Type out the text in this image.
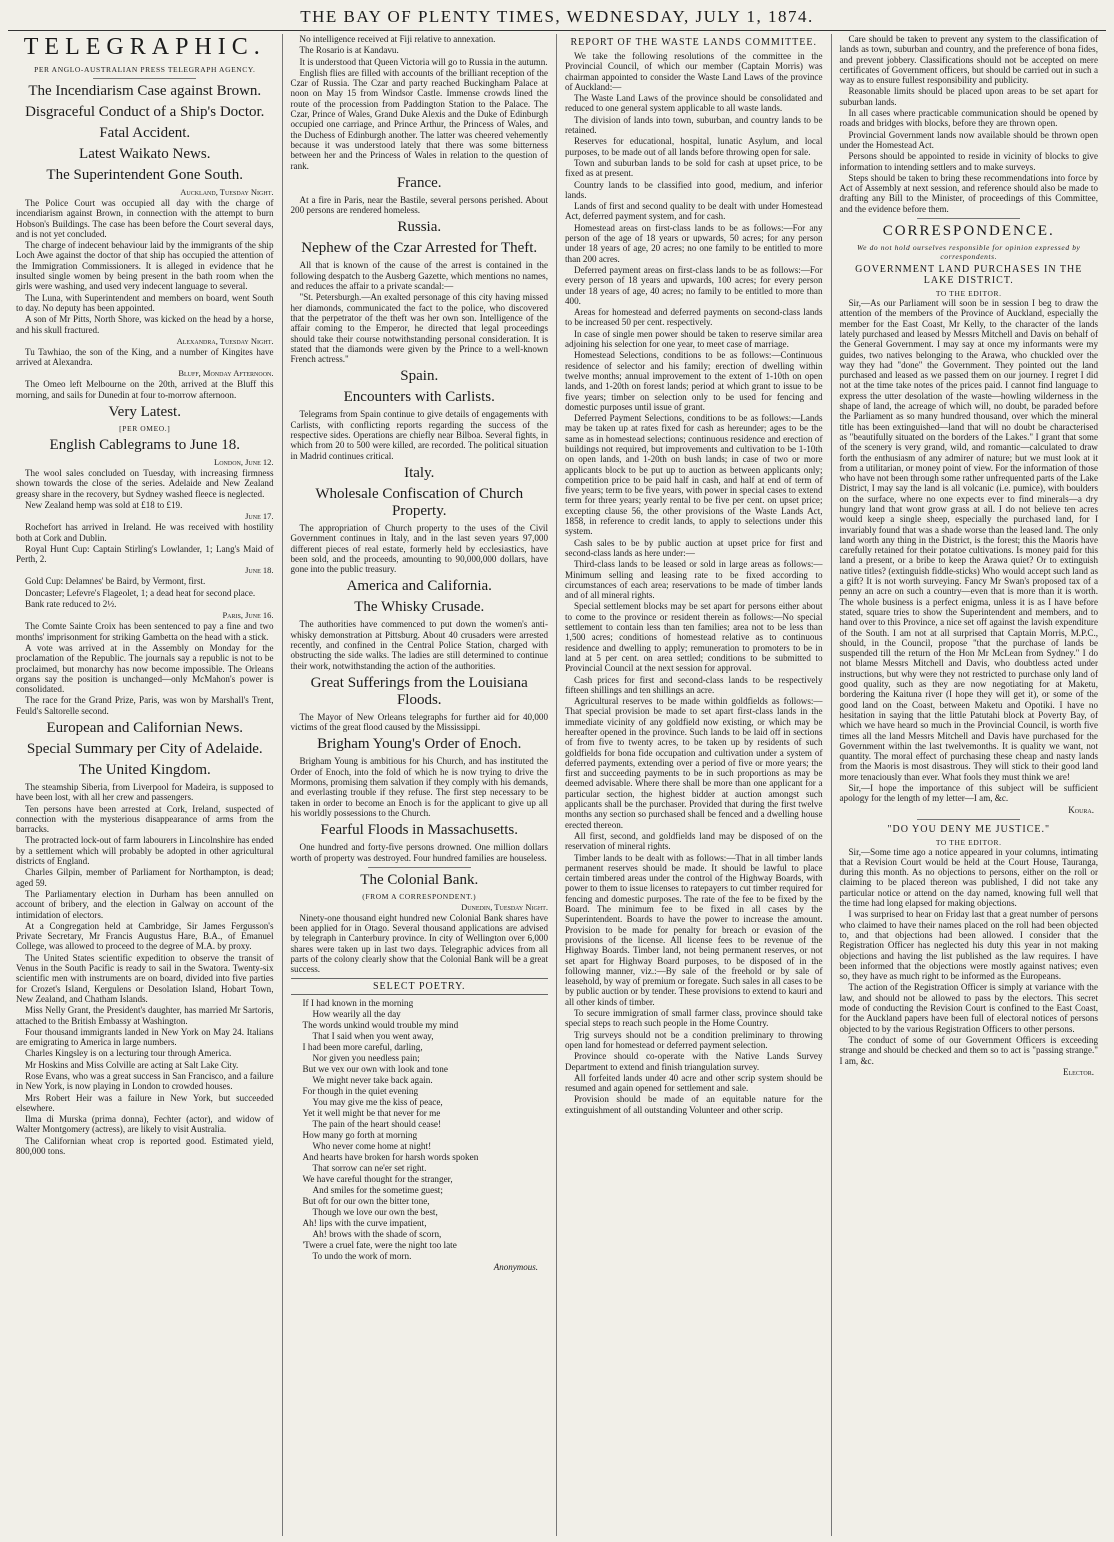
THE BAY OF PLENTY TIMES, WEDNESDAY, JULY 1, 1874.
TELEGRAPHIC.
PER ANGLO-AUSTRALIAN PRESS TELEGRAPH AGENCY.
The Incendiarism Case against Brown.
Disgraceful Conduct of a Ship's Doctor.
Fatal Accident.
Latest Waikato News.
The Superintendent Gone South.
Auckland, Tuesday Night.

The Police Court was occupied all day with the charge of incendiarism against Brown, in connection with the attempt to burn Hobson's Buildings. The case has been before the Court several days, and is not yet concluded.

The charge of indecent behaviour laid by the immigrants of the ship Loch Awe against the doctor of that ship has occupied the attention of the Immigration Commissioners. It is alleged in evidence that he insulted single women by being present in the bath room when the girls were washing, and used very indecent language to several.

The Luna, with Superintendent and members on board, went South to day. No deputy has been appointed.

A son of Mr Pitts, North Shore, was kicked on the head by a horse, and his skull fractured.

Alexandra, Tuesday Night.

Tu Tawhiao, the son of the King, and a number of Kingites have arrived at Alexandra.

Bluff, Monday Afternoon.

The Omeo left Melbourne on the 20th, arrived at the Bluff this morning, and sails for Dunedin at four to-morrow afternoon.

Very Latest.
[PER OMEO.]
English Cablegrams to June 18.
London, June 12.

The wool sales concluded on Tuesday, with increasing firmness shown towards the close of the series. Adelaide and New Zealand greasy share in the recovery, but Sydney washed fleece is neglected.

New Zealand hemp was sold at £18 to £19.

June 17.

Rochefort has arrived in Ireland. He was received with hostility both at Cork and Dublin.

Royal Hunt Cup: Captain Stirling's Lowlander, 1; Lang's Maid of Perth, 2.

June 18.

Gold Cup: Delamnes' be Baird, by Vermont, first.

Doncaster; Lefevre's Flageolet, 1; a dead heat for second place.

Bank rate reduced to 2½.

Paris, June 16.

The Comte Sainte Croix has been sentenced to pay a fine and two months' imprisonment for striking Gambetta on the head with a stick.

A vote was arrived at in the Assembly on Monday for the proclamation of the Republic. The journals say a republic is not to be proclaimed, but monarchy has now become impossible. The Orleans organs say the position is unchanged—only McMahon's power is consolidated.

The race for the Grand Prize, Paris, was won by Marshall's Trent, Feuld's Saltorelle second.

European and Californian News.
Special Summary per City of Adelaide.
The United Kingdom.

The steamship Siberia, from Liverpool for Madeira, is supposed to have been lost, with all her crew and passengers.

Ten persons have been arrested at Cork, Ireland, suspected of connection with the mysterious disappearance of arms from the barracks.

The protracted lock-out of farm labourers in Lincolnshire has ended by a settlement which will probably be adopted in other agricultural districts of England.

Charles Gilpin, member of Parliament for Northampton, is dead; aged 59.

The Parliamentary election in Durham has been annulled on account of bribery, and the election in Galway on account of the intimidation of electors.

At a Congregation held at Cambridge, Sir James Fergusson's Private Secretary, Mr Francis Augustus Hare, B.A., of Emanuel College, was allowed to proceed to the degree of M.A. by proxy.

The United States scientific expedition to observe the transit of Venus in the South Pacific is ready to sail in the Swatora. Twenty-six scientific men with instruments are on board, divided into five parties for Crozet's Island, Kergulens or Desolation Island, Hobart Town, New Zealand, and Chatham Islands.

Miss Nelly Grant, the President's daughter, has married Mr Sartoris, attached to the British Embassy at Washington.

Four thousand immigrants landed in New York on May 24. Italians are emigrating to America in large numbers.

Charles Kingsley is on a lecturing tour through America.

Mr Hoskins and Miss Colville are acting at Salt Lake City.

Rose Evans, who was a great success in San Francisco, and a failure in New York, is now playing in London to crowded houses.

Mrs Robert Heir was a failure in New York, but succeeded elsewhere.

Ilma di Murska (prima donna), Fechter (actor), and widow of Walter Montgomery (actress), are likely to visit Australia.

The Californian wheat crop is reported good. Estimated yield, 800,000 tons.

No intelligence received at Fiji relative to annexation.

The Rosario is at Kandavu.

It is understood that Queen Victoria will go to Russia in the autumn.

English flies are filled with accounts of the brilliant reception of the Czar of Russia. The Czar and party reached Buckingham Palace at noon on May 15 from Windsor Castle. Immense crowds lined the route of the procession from Paddington Station to the Palace. The Czar, Prince of Wales, Grand Duke Alexis and the Duke of Edinburgh occupied one carriage, and Prince Arthur, the Princess of Wales, and the Duchess of Edinburgh another. The latter was cheered vehemently because it was understood lately that there was some bitterness between her and the Princess of Wales in relation to the question of rank.

France.

At a fire in Paris, near the Bastile, several persons perished. About 200 persons are rendered homeless.

Russia.
Nephew of the Czar Arrested for Theft.

All that is known of the cause of the arrest is contained in the following despatch to the Ausberg Gazette, which mentions no names, and reduces the affair to a private scandal:—

"St. Petersburgh.—An exalted personage of this city having missed her diamonds, communicated the fact to the police, who discovered that the perpetrator of the theft was her own son. Intelligence of the affair coming to the Emperor, he directed that legal proceedings should take their course notwithstanding personal consideration. It is stated that the diamonds were given by the Prince to a well-known French actress."

Spain.
Encounters with Carlists.

Telegrams from Spain continue to give details of engagements with Carlists, with conflicting reports regarding the success of the respective sides. Operations are chiefly near Bilboa. Several fights, in which from 20 to 500 were killed, are recorded. The political situation in Madrid continues critical.

Italy.
Wholesale Confiscation of Church Property.

The appropriation of Church property to the uses of the Civil Government continues in Italy, and in the last seven years 97,000 different pieces of real estate, formerly held by ecclesiastics, have been sold, and the proceeds, amounting to 90,000,000 dollars, have gone into the public treasury.

America and California.
The Whisky Crusade.

The authorities have commenced to put down the women's anti-whisky demonstration at Pittsburg. About 40 crusaders were arrested recently, and confined in the Central Police Station, charged with obstructing the side walks. The ladies are still determined to continue their work, notwithstanding the action of the authorities.

Great Sufferings from the Louisiana Floods.

The Mayor of New Orleans telegraphs for further aid for 40,000 victims of the great flood caused by the Mississippi.

Brigham Young's Order of Enoch.

Brigham Young is ambitious for his Church, and has instituted the Order of Enoch, into the fold of which he is now trying to drive the Mormons, promising them salvation if they comply with his demands, and everlasting trouble if they refuse. The first step necessary to be taken in order to become an Enoch is for the applicant to give up all his worldly possessions to the Church.

Fearful Floods in Massachusetts.

One hundred and forty-five persons drowned. One million dollars worth of property was destroyed. Four hundred families are houseless.

The Colonial Bank.
(FROM A CORRESPONDENT.)
Dunedin, Tuesday Night.

Ninety-one thousand eight hundred new Colonial Bank shares have been applied for in Otago. Several thousand applications are advised by telegraph in Canterbury province. In city of Wellington over 6,000 shares were taken up in last two days. Telegraphic advices from all parts of the colony clearly show that the Colonial Bank will be a great success.

SELECT POETRY.
If I had known in the morning
How wearily all the day
The words unkind would trouble my mind
That I said when you went away,
I had been more careful, darling,
Nor given you needless pain;
But we vex our own with look and tone
We might never take back again.
For though in the quiet evening
You may give me the kiss of peace,
Yet it well might be that never for me
The pain of the heart should cease!
How many go forth at morning
Who never come home at night!
And hearts have broken for harsh words spoken
That sorrow can ne'er set right.
We have careful thought for the stranger,
And smiles for the sometime guest;
But oft for our own the bitter tone,
Though we love our own the best,
Ah! lips with the curve impatient,
Ah! brows with the shade of scorn,
'Twere a cruel fate, were the night too late
To undo the work of morn.
Anonymous.
REPORT OF THE WASTE LANDS COMMITTEE.

We take the following resolutions of the committee in the Provincial Council, of which our member (Captain Morris) was chairman appointed to consider the Waste Land Laws of the province of Auckland:—

The Waste Land Laws of the province should be consolidated and reduced to one general system applicable to all waste lands.

The division of lands into town, suburban, and country lands to be retained.

Reserves for educational, hospital, lunatic Asylum, and local purposes, to be made out of all lands before throwing open for sale.

Town and suburban lands to be sold for cash at upset price, to be fixed as at present.

Country lands to be classified into good, medium, and inferior lands.

Lands of first and second quality to be dealt with under Homestead Act, deferred payment system, and for cash.

Homestead areas on first-class lands to be as follows:—For any person of the age of 18 years or upwards, 50 acres; for any person under 18 years of age, 20 acres; no one family to be entitled to more than 200 acres.

Deferred payment areas on first-class lands to be as follows:—For every person of 18 years and upwards, 100 acres; for every person under 18 years of age, 40 acres; no family to be entitled to more than 400.

Areas for homestead and deferred payments on second-class lands to be increased 50 per cent. respectively.

In case of single men power should be taken to reserve similar area adjoining his selection for one year, to meet case of marriage.

Homestead Selections, conditions to be as follows:—Continuous residence of selector and his family; erection of dwelling within twelve months; annual improvement to the extent of 1-10th on open lands, and 1-20th on forest lands; period at which grant to issue to be five years; timber on selection only to be used for fencing and domestic purposes until issue of grant.

Deferred Payment Selections, conditions to be as follows:—Lands may be taken up at rates fixed for cash as hereunder; ages to be the same as in homestead selections; continuous residence and erection of buildings not required, but improvements and cultivation to be 1-10th on open lands, and 1-20th on bush lands; in case of two or more applicants block to be put up to auction as between applicants only; competition price to be paid half in cash, and half at end of term of five years; term to be five years, with power in special cases to extend term for three years; yearly rental to be five per cent. on upset price; excepting clause 56, the other provisions of the Waste Lands Act, 1858, in reference to credit lands, to apply to selections under this system.

Cash sales to be by public auction at upset price for first and second-class lands as here under:—

Third-class lands to be leased or sold in large areas as follows:—Minimum selling and leasing rate to be fixed according to circumstances of each area; reservations to be made of timber lands and of all mineral rights.

Special settlement blocks may be set apart for persons either about to come to the province or resident therein as follows:—No special settlement to contain less than ten families; area not to be less than 1,500 acres; conditions of homestead relative as to continuous residence and dwelling to apply; remuneration to promoters to be in land at 5 per cent. on area settled; conditions to be submitted to Provincial Council at the next session for approval.

Cash prices for first and second-class lands to be respectively fifteen shillings and ten shillings an acre.

Agricultural reserves to be made within goldfields as follows:—That special provision be made to set apart first-class lands in the immediate vicinity of any goldfield now existing, or which may be hereafter opened in the province. Such lands to be laid off in sections of from five to twenty acres, to be taken up by residents of such goldfields for bona fide occupation and cultivation under a system of deferred payments, extending over a period of five or more years; the first and succeeding payments to be in such proportions as may be deemed advisable. Where there shall be more than one applicant for a particular section, the highest bidder at auction amongst such applicants shall be the purchaser. Provided that during the first twelve months any section so purchased shall be fenced and a dwelling house erected thereon.

All first, second, and goldfields land may be disposed of on the reservation of mineral rights.

Timber lands to be dealt with as follows:—That in all timber lands permanent reserves should be made. It should be lawful to place certain timbered areas under the control of the Highway Boards, with power to them to issue licenses to ratepayers to cut timber required for fencing and domestic purposes. The rate of the fee to be fixed by the Board. The minimum fee to be fixed in all cases by the Superintendent. Boards to have the power to increase the amount. Provision to be made for penalty for breach or evasion of the provisions of the license. All license fees to be revenue of the Highway Boards. Timber land, not being permanent reserves, or not set apart for Highway Board purposes, to be disposed of in the following manner, viz.:—By sale of the freehold or by sale of leasehold, by way of premium or foregate. Such sales in all cases to be by public auction or by tender. These provisions to extend to kauri and all other kinds of timber.

To secure immigration of small farmer class, province should take special steps to reach such people in the Home Country.

Trig surveys should not be a condition preliminary to throwing open land for homestead or deferred payment selection.

Province should co-operate with the Native Lands Survey Department to extend and finish triangulation survey.

All forfeited lands under 40 acre and other scrip system should be resumed and again opened for settlement and sale.

Provision should be made of an equitable nature for the extinguishment of all outstanding Volunteer and other scrip.

Care should be taken to prevent any system to the classification of lands as town, suburban and country, and the preference of bona fides, and prevent jobbery. Classifications should not be accepted on mere certificates of Government officers, but should be carried out in such a way as to ensure fullest responsibility and publicity.

Reasonable limits should be placed upon areas to be set apart for suburban lands.

In all cases where practicable communication should be opened by roads and bridges with blocks, before they are thrown open.

Provincial Government lands now available should be thrown open under the Homestead Act.

Persons should be appointed to reside in vicinity of blocks to give information to intending settlers and to make surveys.

Steps should be taken to bring these recommendations into force by Act of Assembly at next session, and reference should also be made to drafting any Bill to the Minister, of proceedings of this Committee, and the evidence before them.

CORRESPONDENCE.
We do not hold ourselves responsible for opinion expressed by correspondents.
GOVERNMENT LAND PURCHASES IN THE LAKE DISTRICT.
TO THE EDITOR.

Sir,—As our Parliament will soon be in session I beg to draw the attention of the members of the Province of Auckland, especially the member for the East Coast, Mr Kelly, to the character of the lands lately purchased and leased by Messrs Mitchell and Davis on behalf of the General Government. I may say at once my informants were my guides, two natives belonging to the Arawa, who chuckled over the way they had "done" the Government. They pointed out the land purchased and leased as we passed them on our journey. I regret I did not at the time take notes of the prices paid. I cannot find language to express the utter desolation of the waste—howling wilderness in the shape of land, the acreage of which will, no doubt, be paraded before the Parliament as so many hundred thousand, over which the mineral title has been extinguished—land that will no doubt be characterised as "beautifully situated on the borders of the Lakes." I grant that some of the scenery is very grand, wild, and romantic—calculated to draw forth the enthusiasm of any admirer of nature; but we must look at it from a utilitarian, or money point of view. For the information of those who have not been through some rather unfrequented parts of the Lake District, I may say the land is all volcanic (i.e. pumice), with boulders on the surface, where no one expects ever to find minerals—a dry hungry land that wont grow grass at all. I do not believe ten acres would keep a single sheep, especially the purchased land, for I invariably found that was a shade worse than the leased land. The only land worth any thing in the District, is the forest; this the Maoris have carefully retained for their potatoe cultivations. Is money paid for this land a present, or a bribe to keep the Arawa quiet? Or to extinguish native titles? (extinguish fiddle-sticks) Who would accept such land as a gift? It is not worth surveying. Fancy Mr Swan's proposed tax of a penny an acre on such a country—even that is more than it is worth. The whole business is a perfect enigma, unless it is as I have before stated, square tries to show the Superintendent and members, and to hand over to this Province, a nice set off against the lavish expenditure of the South. I am not at all surprised that Captain Morris, M.P.C., should, in the Council, propose "that the purchase of lands be suspended till the return of the Hon Mr McLean from Sydney." I do not blame Messrs Mitchell and Davis, who doubtless acted under instructions, but why were they not restricted to purchase only land of good quality, such as they are now negotiating for at Maketu, bordering the Kaituna river (I hope they will get it), or some of the good land on the Coast, between Maketu and Opotiki. I have no hesitation in saying that the little Patutahi block at Poverty Bay, of which we have heard so much in the Provincial Council, is worth five times all the land Messrs Mitchell and Davis have purchased for the Government within the last twelvemonths. It is quality we want, not quantity. The moral effect of purchasing these cheap and nasty lands from the Maoris is most disastrous. They will stick to their good land more tenaciously than ever. What fools they must think we are!

Sir,—I hope the importance of this subject will be sufficient apology for the length of my letter—I am, &c.

Koura.
"DO YOU DENY ME JUSTICE."
TO THE EDITOR.

Sir,—Some time ago a notice appeared in your columns, intimating that a Revision Court would be held at the Court House, Tauranga, during this month. As no objections to persons, either on the roll or claiming to be placed thereon was published, I did not take any particular notice or attend on the day named, knowing full well that the time had long elapsed for making objections.

I was surprised to hear on Friday last that a great number of persons who claimed to have their names placed on the roll had been objected to, and that objections had been allowed. I consider that the Registration Officer has neglected his duty this year in not making objections and having the list published as the law requires. I have been informed that the objections were mostly against natives; even so, they have as much right to be informed as the Europeans.

The action of the Registration Officer is simply at variance with the law, and should not be allowed to pass by the electors. This secret mode of conducting the Revision Court is confined to the East Coast, for the Auckland papers have been full of electoral notices of persons objected to by the various Registration Officers to other persons.

The conduct of some of our Government Officers is exceeding strange and should be checked and them so to act is "passing strange." I am, &c.

Elector.
